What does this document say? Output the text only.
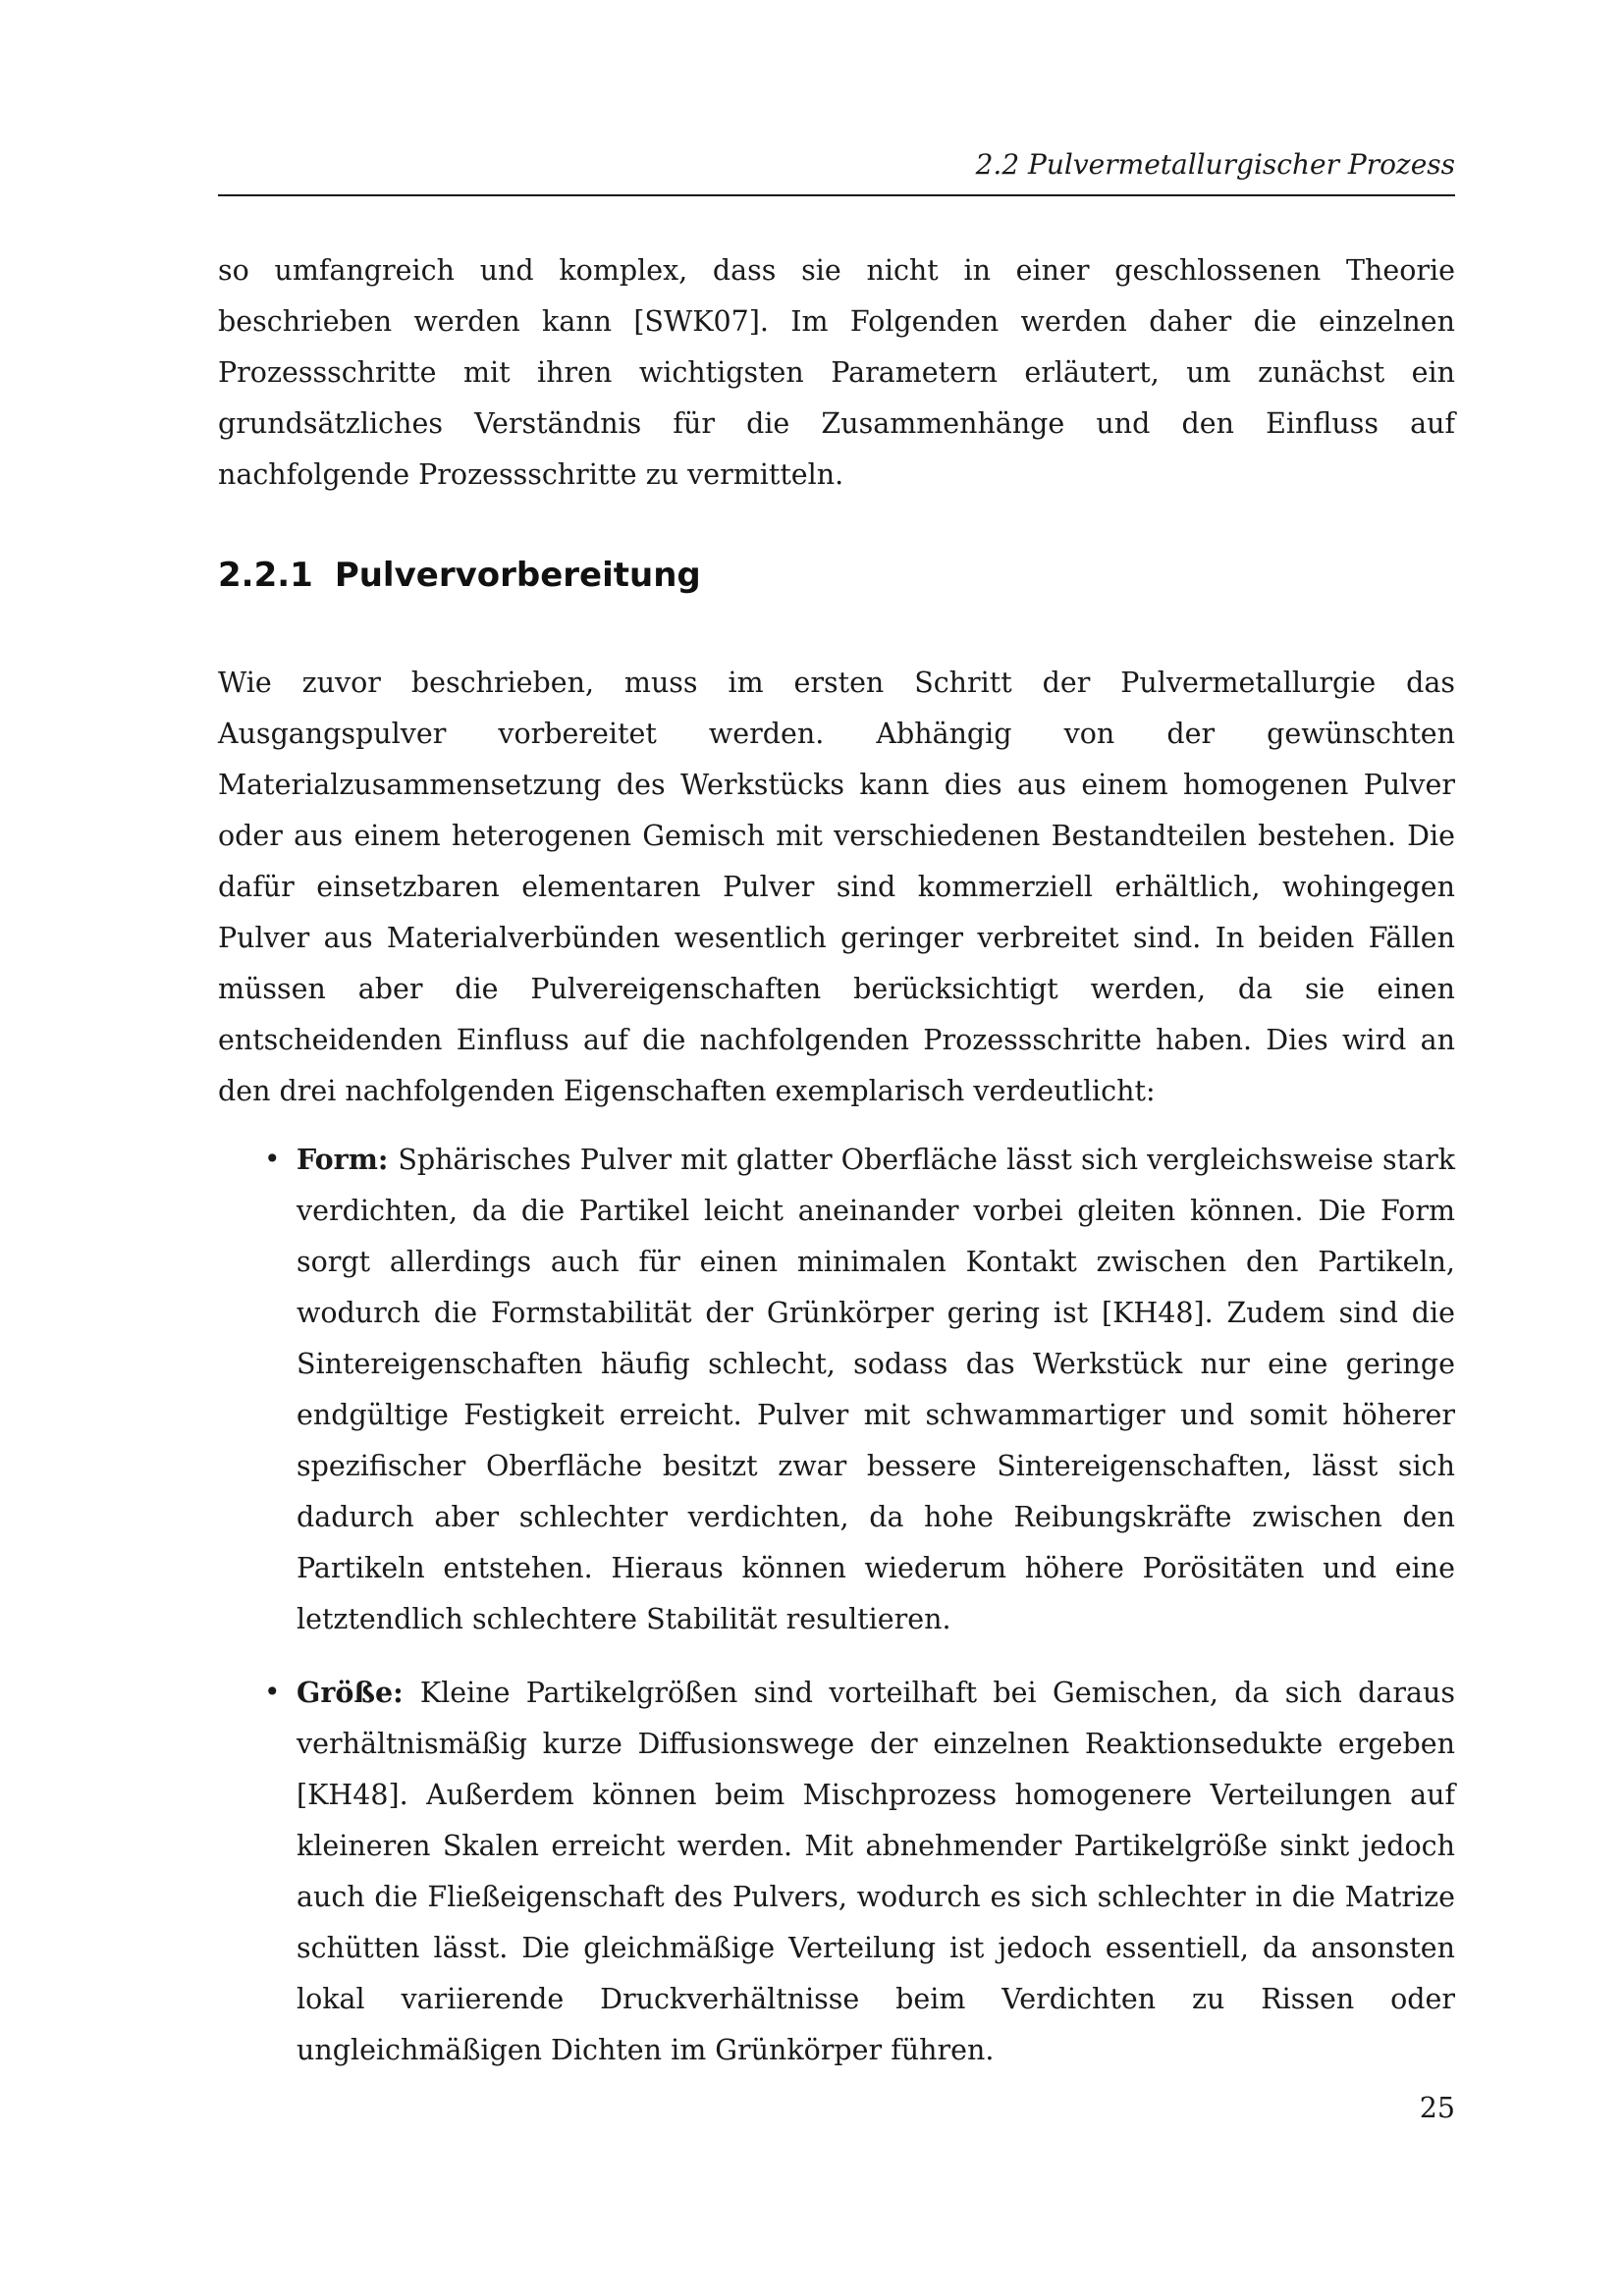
2.2 Pulvermetallurgischer Prozess

so umfangreich und komplex, dass sie nicht in einer geschlossenen Theorie beschrieben werden kann [SWK07]. Im Folgenden werden daher die einzelnen Prozessschritte mit ihren wichtigsten Parametern erläutert, um zunächst ein grundsätzliches Verständnis für die Zusammenhänge und den Einfluss auf nachfolgende Prozessschritte zu vermitteln.

2.2.1 Pulvervorbereitung

Wie zuvor beschrieben, muss im ersten Schritt der Pulvermetallurgie das Ausgangspulver vorbereitet werden. Abhängig von der gewünschten Materialzusammensetzung des Werkstücks kann dies aus einem homogenen Pulver oder aus einem heterogenen Gemisch mit verschiedenen Bestandteilen bestehen. Die dafür einsetzbaren elementaren Pulver sind kommerziell erhältlich, wohingegen Pulver aus Materialverbünden wesentlich geringer verbreitet sind. In beiden Fällen müssen aber die Pulvereigenschaften berücksichtigt werden, da sie einen entscheidenden Einfluss auf die nachfolgenden Prozessschritte haben. Dies wird an den drei nachfolgenden Eigenschaften exemplarisch verdeutlicht:

• Form: Sphärisches Pulver mit glatter Oberfläche lässt sich vergleichsweise stark verdichten, da die Partikel leicht aneinander vorbei gleiten können. Die Form sorgt allerdings auch für einen minimalen Kontakt zwischen den Partikeln, wodurch die Formstabilität der Grünkörper gering ist [KH48]. Zudem sind die Sintereigenschaften häufig schlecht, sodass das Werkstück nur eine geringe endgültige Festigkeit erreicht. Pulver mit schwammartiger und somit höherer spezifischer Oberfläche besitzt zwar bessere Sintereigenschaften, lässt sich dadurch aber schlechter verdichten, da hohe Reibungskräfte zwischen den Partikeln entstehen. Hieraus können wiederum höhere Porösitäten und eine letztendlich schlechtere Stabilität resultieren.
• Größe: Kleine Partikelgrößen sind vorteilhaft bei Gemischen, da sich daraus verhältnismäßig kurze Diffusionswege der einzelnen Reaktionsedukte ergeben [KH48]. Außerdem können beim Mischprozess homogenere Verteilungen auf kleineren Skalen erreicht werden. Mit abnehmender Partikelgröße sinkt jedoch auch die Fließeigenschaft des Pulvers, wodurch es sich schlechter in die Matrize schütten lässt. Die gleichmäßige Verteilung ist jedoch essentiell, da ansonsten lokal variierende Druckverhältnisse beim Verdichten zu Rissen oder ungleichmäßigen Dichten im Grünkörper führen.
25
